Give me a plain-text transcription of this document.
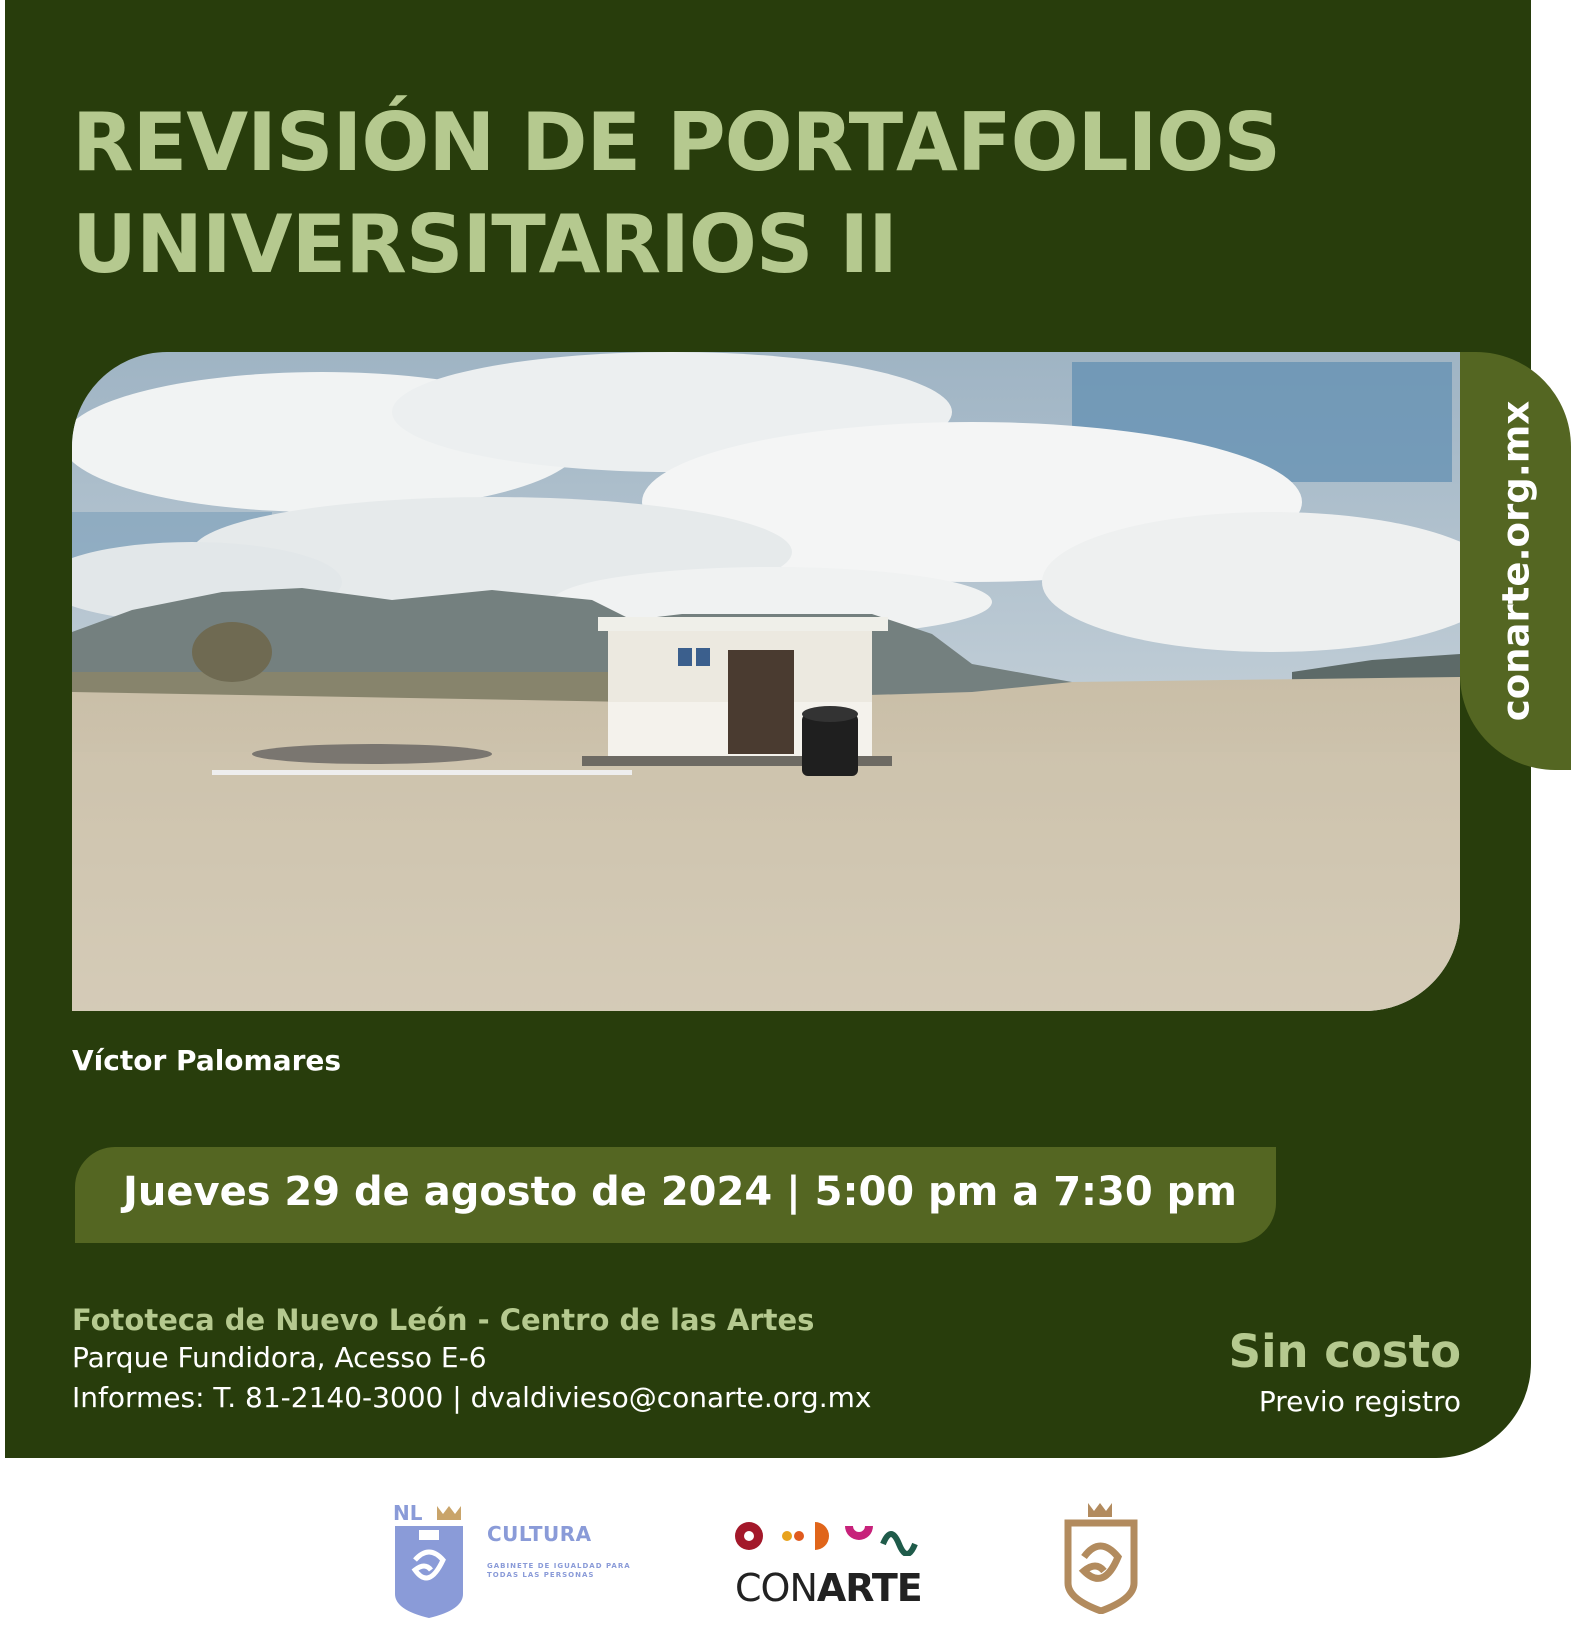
REVISIÓN DE PORTAFOLIOS
UNIVERSITARIOS II
conarte.org.mx
Víctor Palomares
Jueves 29 de agosto de 2024 | 5:00 pm a 7:30 pm
Fototeca de Nuevo León - Centro de las Artes
Parque Fundidora, Acesso E-6
Informes: T. 81-2140-3000 | dvaldivieso@conarte.org.mx
Sin costo
Previo registro
NL
CULTURA
GABINETE DE IGUALDAD PARA TODAS LAS PERSONAS	CONARTE
